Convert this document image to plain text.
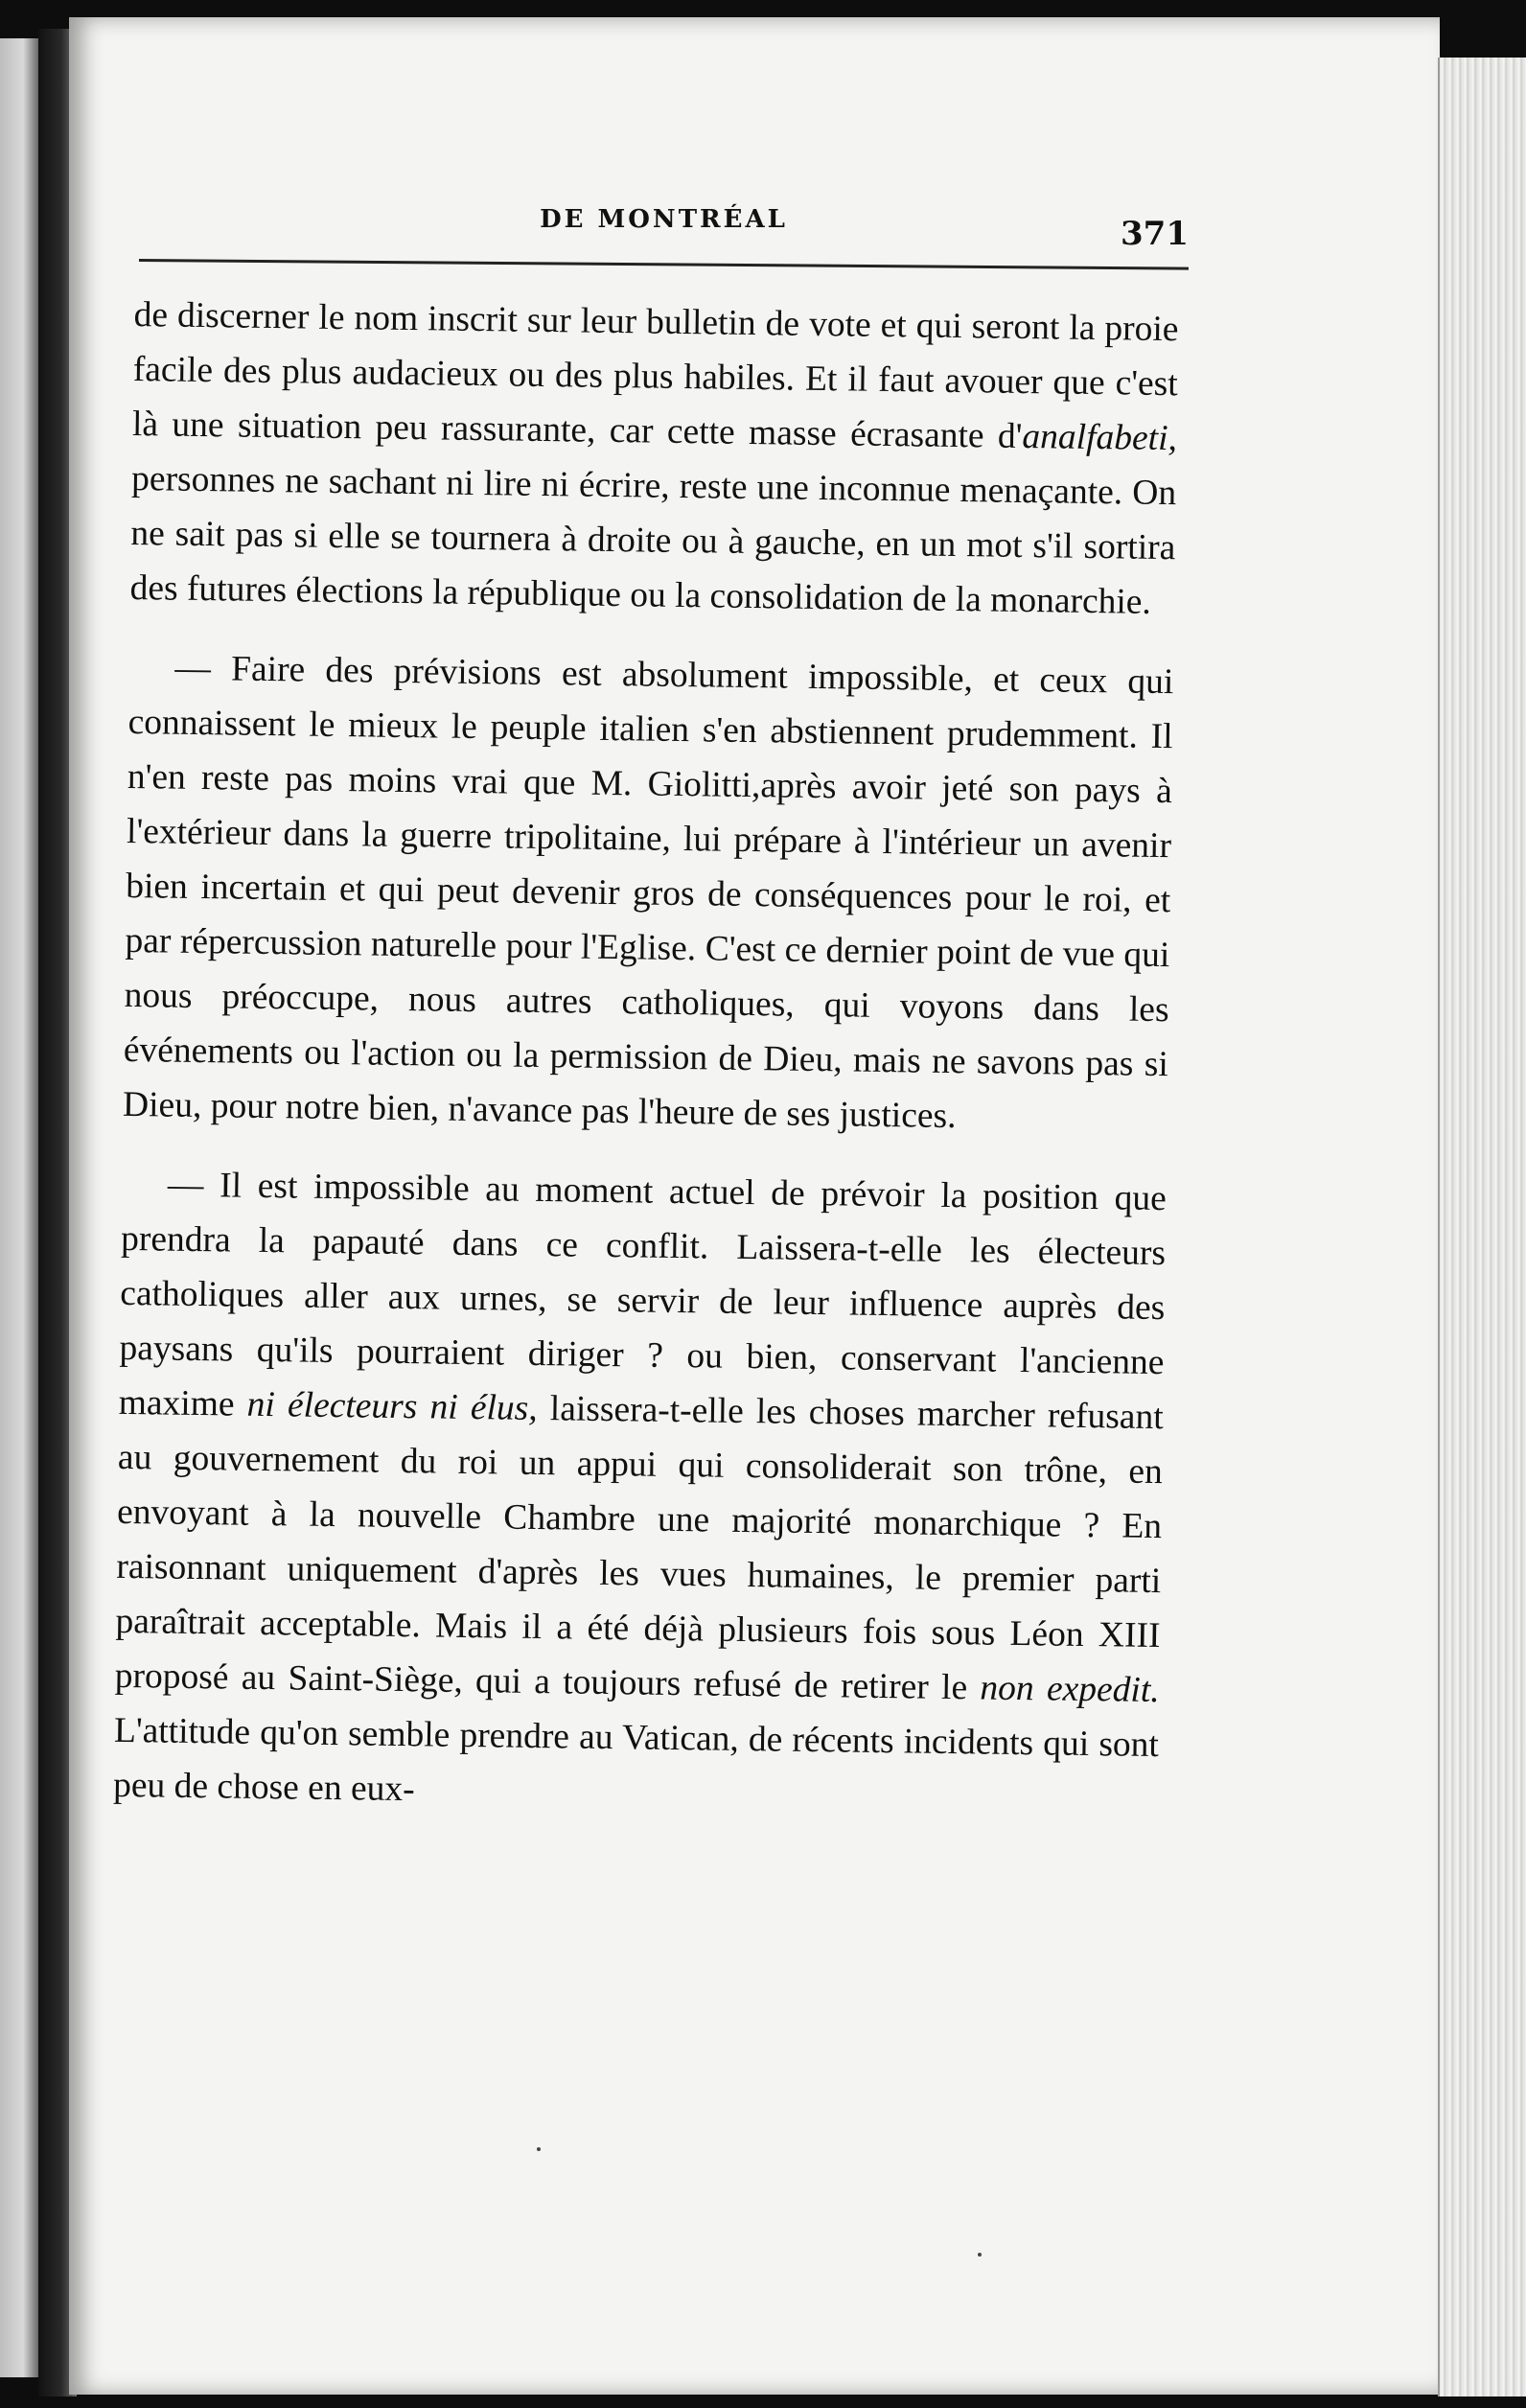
DE MONTRÉAL	371

de discerner le nom inscrit sur leur bulletin de vote et qui seront la proie facile des plus audacieux ou des plus habiles. Et il faut avouer que c'est là une situation peu rassurante, car cette masse écrasante d'analfabeti, personnes ne sachant ni lire ni écrire, reste une inconnue menaçante. On ne sait pas si elle se tournera à droite ou à gauche, en un mot s'il sortira des futures élections la république ou la consolidation de la monarchie.

— Faire des prévisions est absolument impossible, et ceux qui connaissent le mieux le peuple italien s'en abstiennent prudemment. Il n'en reste pas moins vrai que M. Giolitti,après avoir jeté son pays à l'extérieur dans la guerre tripolitaine, lui prépare à l'intérieur un avenir bien incertain et qui peut devenir gros de conséquences pour le roi, et par répercussion naturelle pour l'Eglise. C'est ce dernier point de vue qui nous préoccupe, nous autres catholiques, qui voyons dans les événements ou l'action ou la permission de Dieu, mais ne savons pas si Dieu, pour notre bien, n'avance pas l'heure de ses justices.

— Il est impossible au moment actuel de prévoir la position que prendra la papauté dans ce conflit. Laissera-t-elle les électeurs catholiques aller aux urnes, se servir de leur influence auprès des paysans qu'ils pourraient diriger ? ou bien, conservant l'ancienne maxime ni électeurs ni élus, laissera-t-elle les choses marcher refusant au gouvernement du roi un appui qui consoliderait son trône, en envoyant à la nouvelle Chambre une majorité monarchique ? En raisonnant uniquement d'après les vues humaines, le premier parti paraîtrait acceptable. Mais il a été déjà plusieurs fois sous Léon XIII proposé au Saint-Siège, qui a toujours refusé de retirer le non expedit. L'attitude qu'on semble prendre au Vatican, de récents incidents qui sont peu de chose en eux-
